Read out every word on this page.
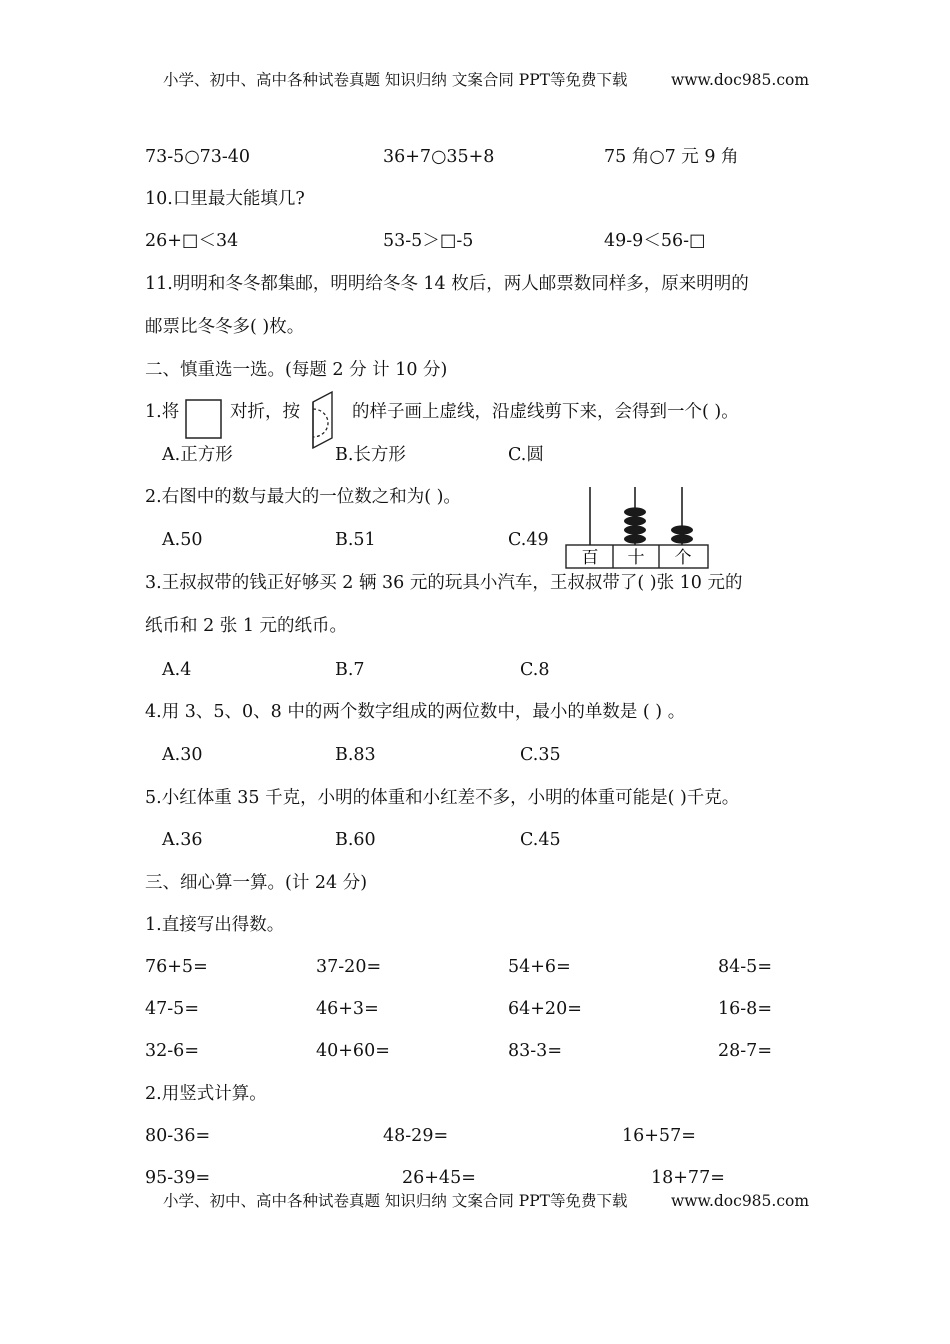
小学、初中、高中各种试卷真题 知识归纳 文案合同 PPT等免费下载	www.doc985.com
73-5○73-40	36+7○35+8	75 角○7 元 9 角
10.口里最大能填几?
26+□＜34	53-5＞□-5	49-9＜56-□
11.明明和冬冬都集邮，明明给冬冬 14 枚后，两人邮票数同样多，原来明明的
邮票比冬冬多( )枚。
二、慎重选一选。(每题 2 分 计 10 分)
1.将	对折，按	的样子画上虚线，沿虚线剪下来，会得到一个( )。
A.正方形	B.长方形	C.圆
2.右图中的数与最大的一位数之和为( )。
A.50	B.51	C.49
百 十 个
3.王叔叔带的钱正好够买 2 辆 36 元的玩具小汽车，王叔叔带了( )张 10 元的
纸币和 2 张 1 元的纸币。
A.4	B.7	C.8
4.用 3、5、0、8 中的两个数字组成的两位数中，最小的单数是 ( ) 。
A.30	B.83	C.35
5.小红体重 35 千克，小明的体重和小红差不多，小明的体重可能是( )千克。
A.36	B.60	C.45
三、细心算一算。(计 24 分)
1.直接写出得数。
76+5=	37-20=	54+6=	84-5=
47-5=	46+3=	64+20=	16-8=
32-6=	40+60=	83-3=	28-7=
2.用竖式计算。
80-36=	48-29=	16+57=
95-39=	26+45=	18+77=
小学、初中、高中各种试卷真题 知识归纳 文案合同 PPT等免费下载	www.doc985.com
